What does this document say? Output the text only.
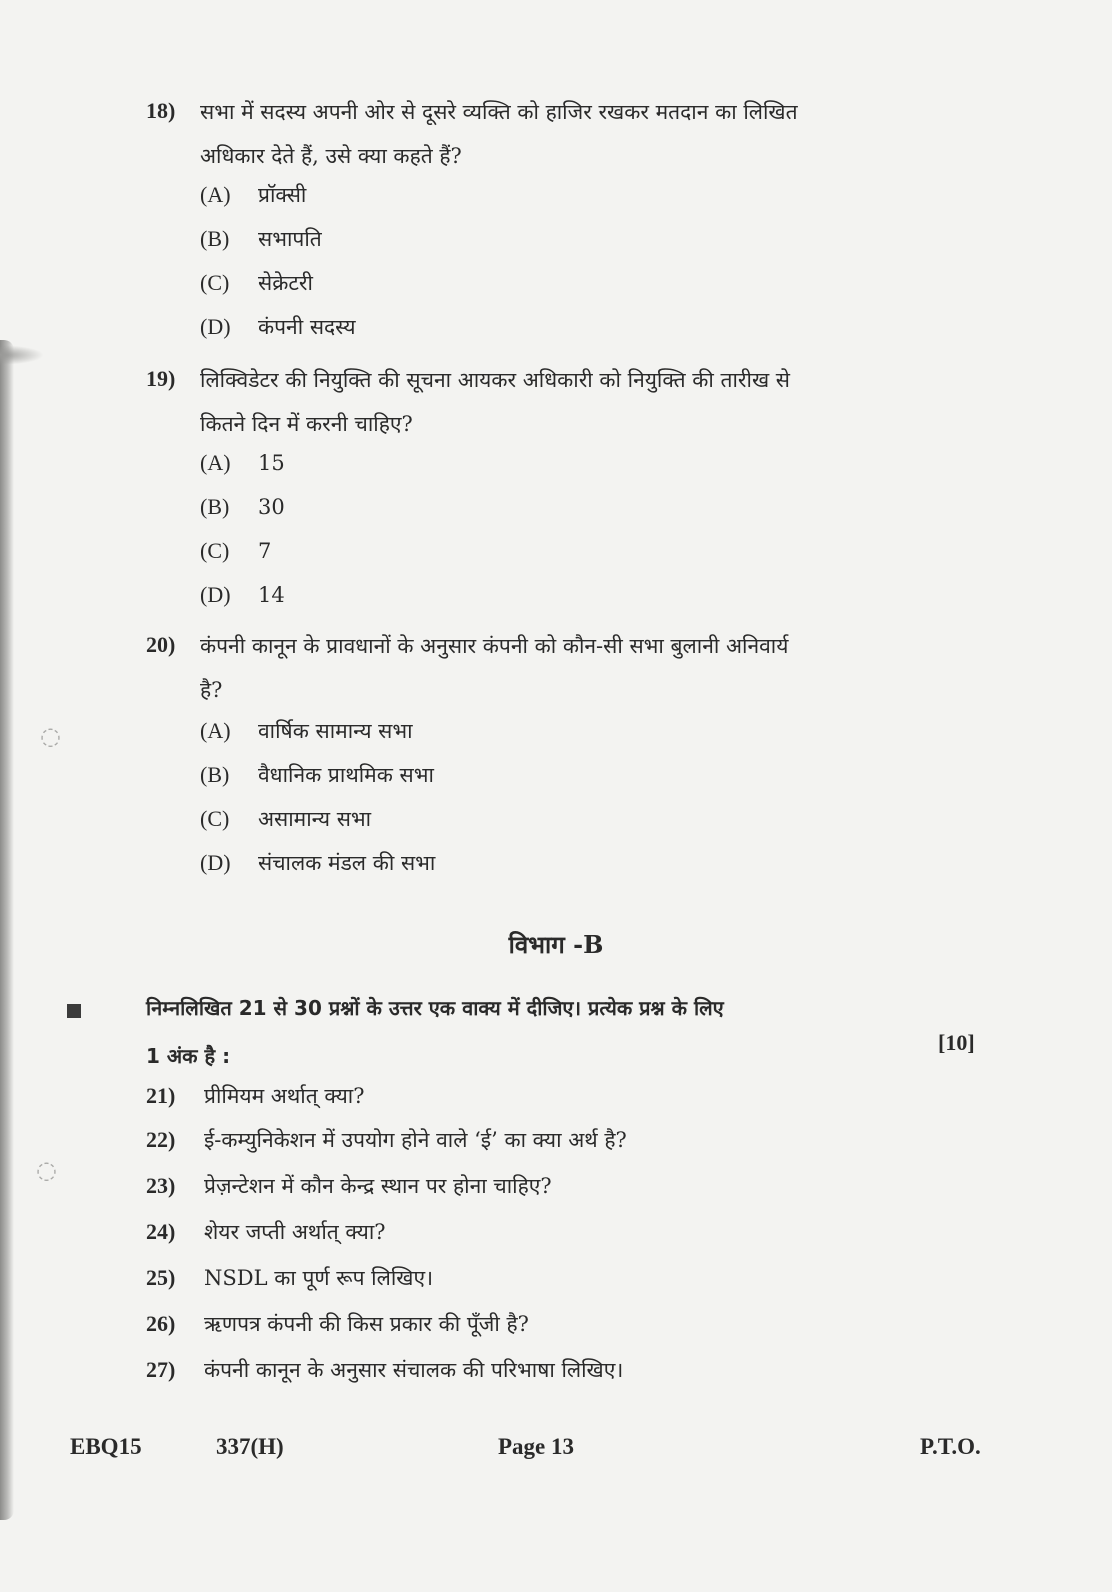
◌
◌
18) सभा में सदस्य अपनी ओर से दूसरे व्यक्ति को हाजिर रखकर मतदान का लिखित

अधिकार देते हैं, उसे क्या कहते हैं?

(A) प्रॉक्सी
(B) सभापति
(C) सेक्रेटरी
(D) कंपनी सदस्य
19) लिक्विडेटर की नियुक्ति की सूचना आयकर अधिकारी को नियुक्ति की तारीख से

कितने दिन में करनी चाहिए?

(A) 15
(B) 30
(C) 7
(D) 14
20) कंपनी कानून के प्रावधानों के अनुसार कंपनी को कौन-सी सभा बुलानी अनिवार्य

है?

(A) वार्षिक सामान्य सभा
(B) वैधानिक प्राथमिक सभा
(C) असामान्य सभा
(D) संचालक मंडल की सभा
विभाग -B

निम्नलिखित 21 से 30 प्रश्नों के उत्तर एक वाक्य में दीजिए। प्रत्येक प्रश्न के लिए

1 अंक है :

[10]
21) प्रीमियम अर्थात् क्या?
22) ई-कम्युनिकेशन में उपयोग होने वाले ‘ई’ का क्या अर्थ है?
23) प्रेज़न्टेशन में कौन केन्द्र स्थान पर होना चाहिए?
24) शेयर जप्ती अर्थात् क्या?
25) NSDL का पूर्ण रूप लिखिए।
26) ऋणपत्र कंपनी की किस प्रकार की पूँजी है?
27) कंपनी कानून के अनुसार संचालक की परिभाषा लिखिए।
EBQ15	337(H)	Page 13	P.T.O.
